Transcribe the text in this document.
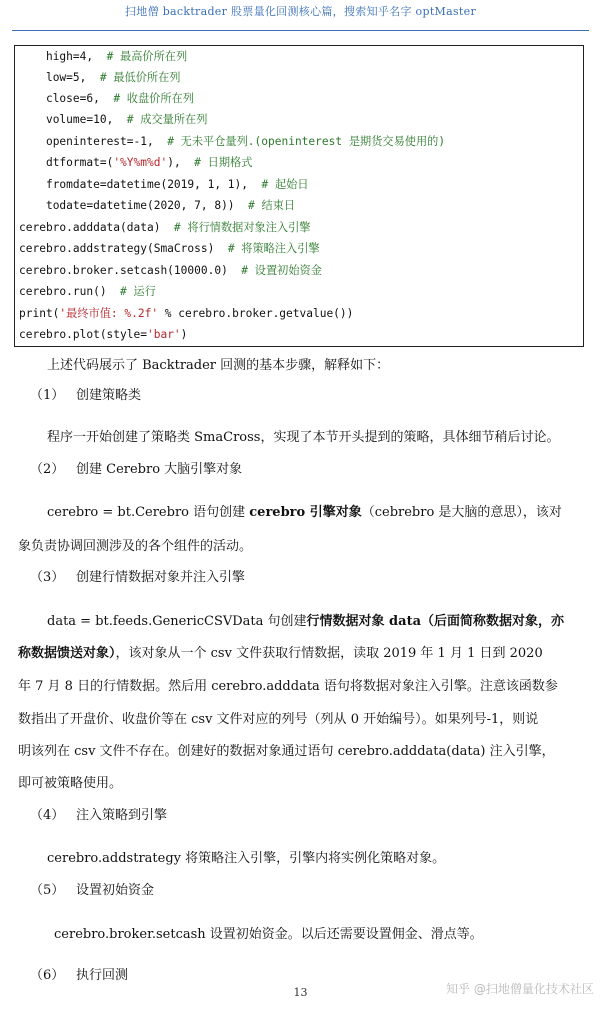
扫地僧 backtrader 股票量化回测核心篇，搜索知乎名字 optMaster
high=4,  # 最高价所在列
low=5,  # 最低价所在列
close=6,  # 收盘价所在列
volume=10,  # 成交量所在列
openinterest=-1,  # 无未平仓量列.(openinterest 是期货交易使用的)
dtformat=('%Y%m%d'),  # 日期格式
fromdate=datetime(2019, 1, 1),  # 起始日
todate=datetime(2020, 7, 8))  # 结束日
cerebro.adddata(data)  # 将行情数据对象注入引擎
cerebro.addstrategy(SmaCross)  # 将策略注入引擎
cerebro.broker.setcash(10000.0)  # 设置初始资金
cerebro.run()  # 运行
print('最终市值: %.2f' % cerebro.broker.getvalue())
cerebro.plot(style='bar')
上述代码展示了 Backtrader 回测的基本步骤，解释如下：
（1） 创建策略类
程序一开始创建了策略类 SmaCross，实现了本节开头提到的策略，具体细节稍后讨论。
（2） 创建 Cerebro 大脑引擎对象
cerebro = bt.Cerebro 语句创建 cerebro 引擎对象（cebrebro 是大脑的意思），该对
象负责协调回测涉及的各个组件的活动。
（3） 创建行情数据对象并注入引擎
data = bt.feeds.GenericCSVData 句创建行情数据对象 data（后面简称数据对象，亦
称数据馈送对象），该对象从一个 csv 文件获取行情数据，读取 2019 年 1 月 1 日到 2020
年 7 月 8 日的行情数据。然后用 cerebro.adddata 语句将数据对象注入引擎。注意该函数参
数指出了开盘价、收盘价等在 csv 文件对应的列号（列从 0 开始编号）。如果列号-1，则说
明该列在 csv 文件不存在。创建好的数据对象通过语句 cerebro.adddata(data) 注入引擎，
即可被策略使用。
（4） 注入策略到引擎
cerebro.addstrategy 将策略注入引擎，引擎内将实例化策略对象。
（5） 设置初始资金
cerebro.broker.setcash 设置初始资金。以后还需要设置佣金、滑点等。
（6） 执行回测
13	知乎 @扫地僧量化技术社区
